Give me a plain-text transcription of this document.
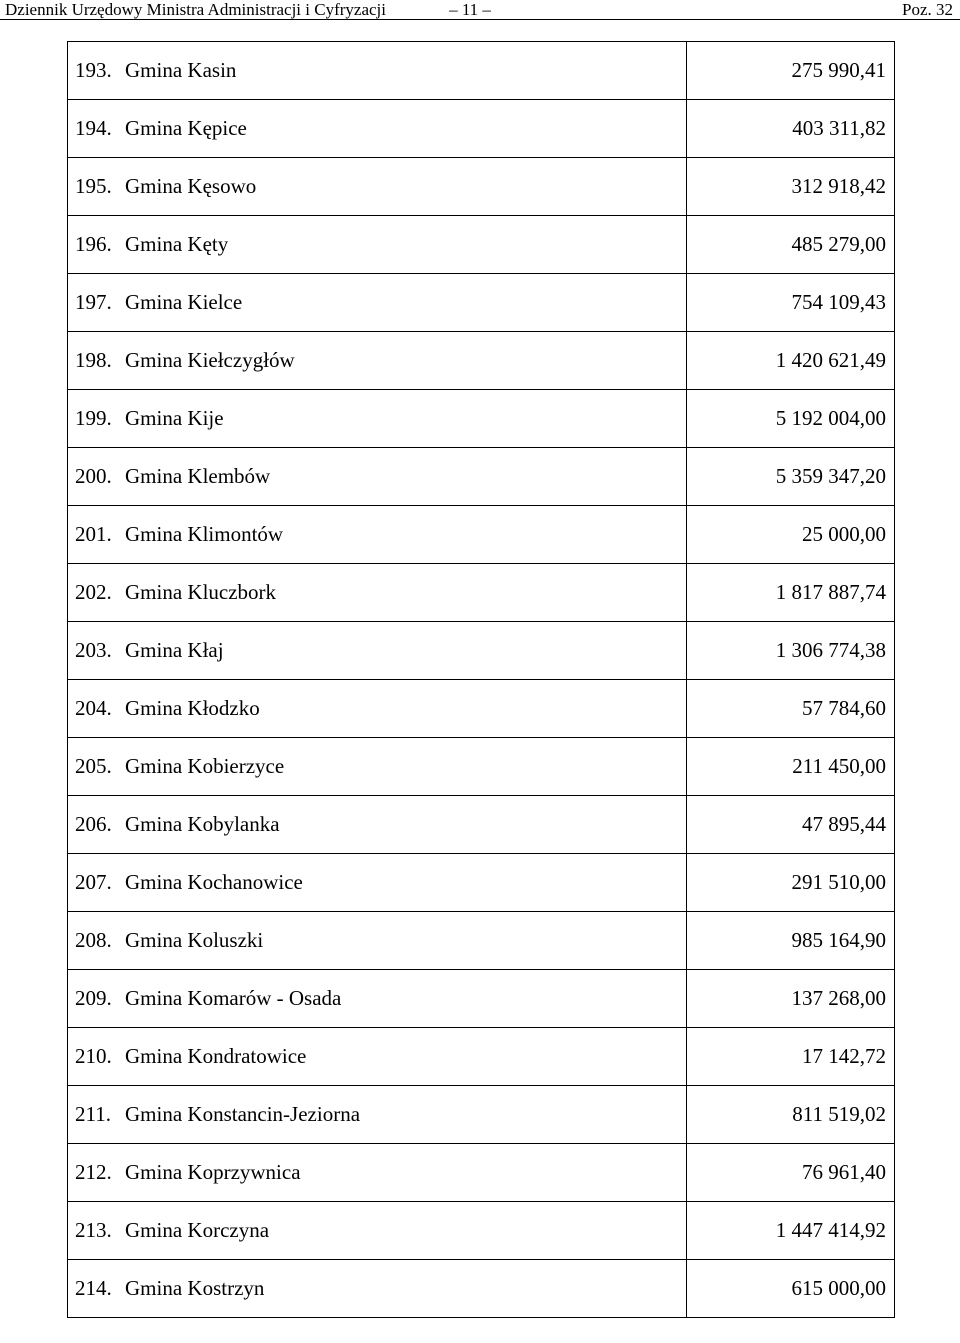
Dziennik Urzędowy Ministra Administracji i Cyfryzacji	– 11 –	Poz. 32
193. Gmina Kasin	275 990,41
194. Gmina Kępice	403 311,82
195. Gmina Kęsowo	312 918,42
196. Gmina Kęty	485 279,00
197. Gmina Kielce	754 109,43
198. Gmina Kiełczygłów	1 420 621,49
199. Gmina Kije	5 192 004,00
200. Gmina Klembów	5 359 347,20
201. Gmina Klimontów	25 000,00
202. Gmina Kluczbork	1 817 887,74
203. Gmina Kłaj	1 306 774,38
204. Gmina Kłodzko	57 784,60
205. Gmina Kobierzyce	211 450,00
206. Gmina Kobylanka	47 895,44
207. Gmina Kochanowice	291 510,00
208. Gmina Koluszki	985 164,90
209. Gmina Komarów - Osada	137 268,00
210. Gmina Kondratowice	17 142,72
211. Gmina Konstancin-Jeziorna	811 519,02
212. Gmina Koprzywnica	76 961,40
213. Gmina Korczyna	1 447 414,92
214. Gmina Kostrzyn	615 000,00
